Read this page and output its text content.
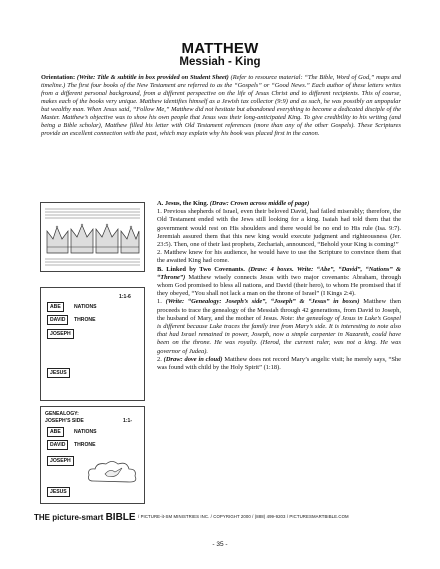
MATTHEW
Messiah - King
Orientation: (Write: Title & subtitle in box provided on Student Sheet) (Refer to resource material: “The Bible, Word of God,” maps and timeline.) The first four books of the New Testament are referred to as the “Gospels” or “Good News.” Each author of these letters writes from a different personal background, from a different perspective on the life of Jesus Christ and to different recipients. This of course, makes each of the books very unique. Matthew identifies himself as a Jewish tax collector (9:9) and as such, he was possibly an unpopular but wealthy man. When Jesus said, “Follow Me,” Matthew did not hesitate but abandoned everything to become a dedicated disciple of the Master. Matthew’s objective was to show his own people that Jesus was their long-anticipated King. To give credibility to his writing (and being a Bible scholar), Matthew filled his letter with Old Testament references (more than any of the other Gospels). These Scriptures provide an excellent connection with the past, which may explain why his book was placed first in the canon.
1:1-6
ABE	NATIONS
DAVID	THRONE
JOSEPH
JESUS
GENEALOGY:
JOSEPH’S SIDE	1:1-
ABE	NATIONS
DAVID	THRONE
JOSEPH
JESUS

A. Jesus, the King. (Draw: Crown across middle of page)

1. Previous shepherds of Israel, even their beloved David, had failed miserably; therefore, the Old Testament ended with the Jews still looking for a king. Isaiah had told them that the government would rest on His shoulders and there would be no end to His rule (Isa. 9:7). Jeremiah assured them that this new king would execute judgment and righteousness (Jer. 23:5). Then, one of their last prophets, Zechariah, announced, “Behold your King is coming!”

2. Matthew knew for his audience, he would have to use the Scripture to convince them that the awaited King had come.

B. Linked by Two Covenants. (Draw: 4 boxes. Write: “Abe”, “David”, “Nations” & “Throne”) Matthew wisely connects Jesus with two major covenants: Abraham, through whom God promised to bless all nations, and David (their hero), to whom He promised that if they obeyed, “You shall not lack a man on the throne of Israel” (I Kings 2:4).

1. (Write: “Genealogy: Joseph’s side”, “Joseph” & “Jesus” in boxes) Matthew then proceeds to trace the genealogy of the Messiah through 42 generations, from David to Joseph, the husband of Mary, and the mother of Jesus. Note: the genealogy of Jesus in Luke’s Gospel is different because Luke traces the family tree from Mary’s side. It is interesting to note also that had Israel remained in power, Joseph, now a simple carpenter in Nazareth, could have been on the throne. He was royalty. (Herod, the current ruler, was not a king. He was governor of Judea).

2. (Draw: dove in cloud) Matthew does not record Mary’s angelic visit; he merely says, “She was found with child by the Holy Spirit” (1:18).

THE picture-smart BIBLE / PICTURE-it-SM MINISTRIES INC. / COPYRIGHT 2000 / (888) 499-9203 / PICTURESMARTBIBLE.COM
- 35 -
